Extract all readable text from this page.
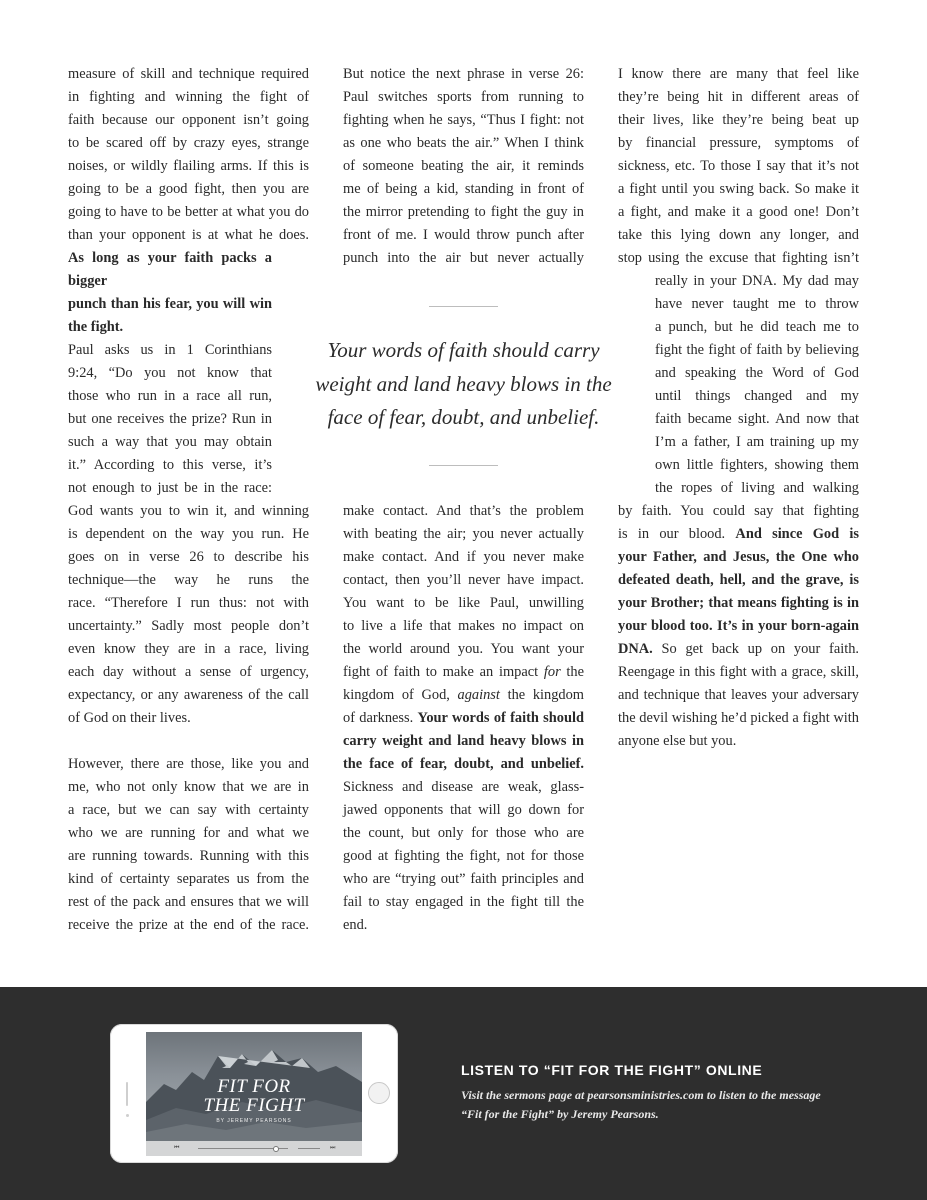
measure of skill and technique required
in fighting and winning the fight of
faith because our opponent isn’t going
to be scared off by crazy eyes, strange
noises, or wildly flailing arms. If this is
going to be a good fight, then you are
going to have to be better at what you do
than your opponent is at what he does.
As long as your faith packs a bigger
punch than his fear, you will win
the fight.
Paul asks us in 1 Corinthians
9:24, “Do you not know that
those who run in a race all run,
but one receives the prize? Run in
such a way that you may obtain
it.” According to this verse, it’s
not enough to just be in the race:
God wants you to win it, and winning
is dependent on the way you run. He
goes on in verse 26 to describe his
technique—the way he runs the
race. “Therefore I run thus: not with
uncertainty.” Sadly most people don’t
even know they are in a race, living
each day without a sense of urgency,
expectancy, or any awareness of the call
of God on their lives.
However, there are those, like you and
me, who not only know that we are in
a race, but we can say with certainty
who we are running for and what we
are running towards. Running with this
kind of certainty separates us from the
rest of the pack and ensures that we will
receive the prize at the end of the race.
But notice the next phrase in verse 26:
Paul switches sports from running to
fighting when he says, “Thus I fight: not
as one who beats the air.” When I think
of someone beating the air, it reminds
me of being a kid, standing in front of
the mirror pretending to fight the guy in
front of me. I would throw punch after
punch into the air but never actually
Your words of faith should carry
weight and land heavy blows in the
face of fear, doubt, and unbelief.
make contact. And that’s the problem
with beating the air; you never actually
make contact. And if you never make
contact, then you’ll never have impact.
You want to be like Paul, unwilling
to live a life that makes no impact on
the world around you. You want your
fight of faith to make an impact for the
kingdom of God, against the kingdom
of darkness. Your words of faith should
carry weight and land heavy blows in
the face of fear, doubt, and unbelief.
Sickness and disease are weak, glass-
jawed opponents that will go down for
the count, but only for those who are
good at fighting the fight, not for those
who are “trying out” faith principles and
fail to stay engaged in the fight till the
end.
I know there are many that feel like
they’re being hit in different areas of
their lives, like they’re being beat up
by financial pressure, symptoms of
sickness, etc. To those I say that it’s not
a fight until you swing back. So make it
a fight, and make it a good one! Don’t
take this lying down any longer, and
stop using the excuse that fighting isn’t
really in your DNA. My dad may
have never taught me to throw
a punch, but he did teach me to
fight the fight of faith by believing
and speaking the Word of God
until things changed and my
faith became sight. And now that
I’m a father, I am training up my
own little fighters, showing them
the ropes of living and walking
by faith. You could say that fighting
is in our blood. And since God is
your Father, and Jesus, the One who
defeated death, hell, and the grave, is
your Brother; that means fighting is in
your blood too. It’s in your born-again
DNA. So get back up on your faith.
Reengage in this fight with a grace, skill,
and technique that leaves your adversary
the devil wishing he’d picked a fight with
anyone else but you.
FIT FOR
THE FIGHT
BY JEREMY PEARSONS
⏮	⏭
LISTEN TO “FIT FOR THE FIGHT” ONLINE
Visit the sermons page at pearsonsministries.com to listen to the message “Fit for the Fight” by Jeremy Pearsons.
